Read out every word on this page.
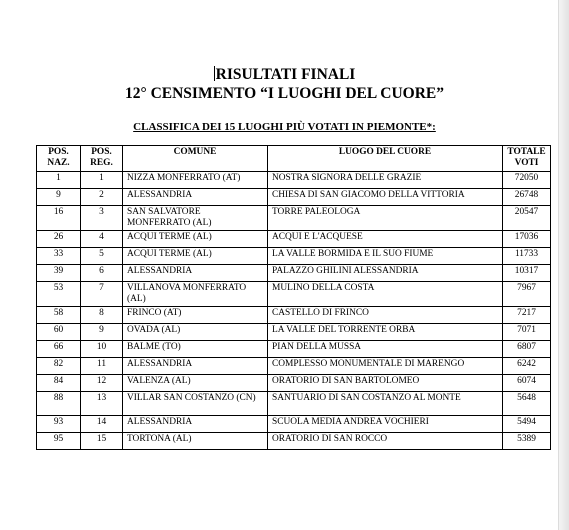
RISULTATI FINALI
12° CENSIMENTO “I LUOGHI DEL CUORE”
CLASSIFICA DEI 15 LUOGHI PIÙ VOTATI IN PIEMONTE*:
POS. NAZ.	POS. REG.	COMUNE	LUOGO DEL CUORE	TOTALE VOTI
1	1	NIZZA MONFERRATO (AT)	NOSTRA SIGNORA DELLE GRAZIE	72050
9	2	ALESSANDRIA	CHIESA DI SAN GIACOMO DELLA VITTORIA	26748
16	3	SAN SALVATORE MONFERRATO (AL)	TORRE PALEOLOGA	20547
26	4	ACQUI TERME (AL)	ACQUI E L'ACQUESE	17036
33	5	ACQUI TERME (AL)	LA VALLE BORMIDA E IL SUO FIUME	11733
39	6	ALESSANDRIA	PALAZZO GHILINI ALESSANDRIA	10317
53	7	VILLANOVA MONFERRATO (AL)	MULINO DELLA COSTA	7967
58	8	FRINCO (AT)	CASTELLO DI FRINCO	7217
60	9	OVADA (AL)	LA VALLE DEL TORRENTE ORBA	7071
66	10	BALME (TO)	PIAN DELLA MUSSA	6807
82	11	ALESSANDRIA	COMPLESSO MONUMENTALE DI MARENGO	6242
84	12	VALENZA (AL)	ORATORIO DI SAN BARTOLOMEO	6074
88	13	VILLAR SAN COSTANZO (CN)	SANTUARIO DI SAN COSTANZO AL MONTE	5648
93	14	ALESSANDRIA	SCUOLA MEDIA ANDREA VOCHIERI	5494
95	15	TORTONA (AL)	ORATORIO DI SAN ROCCO	5389
